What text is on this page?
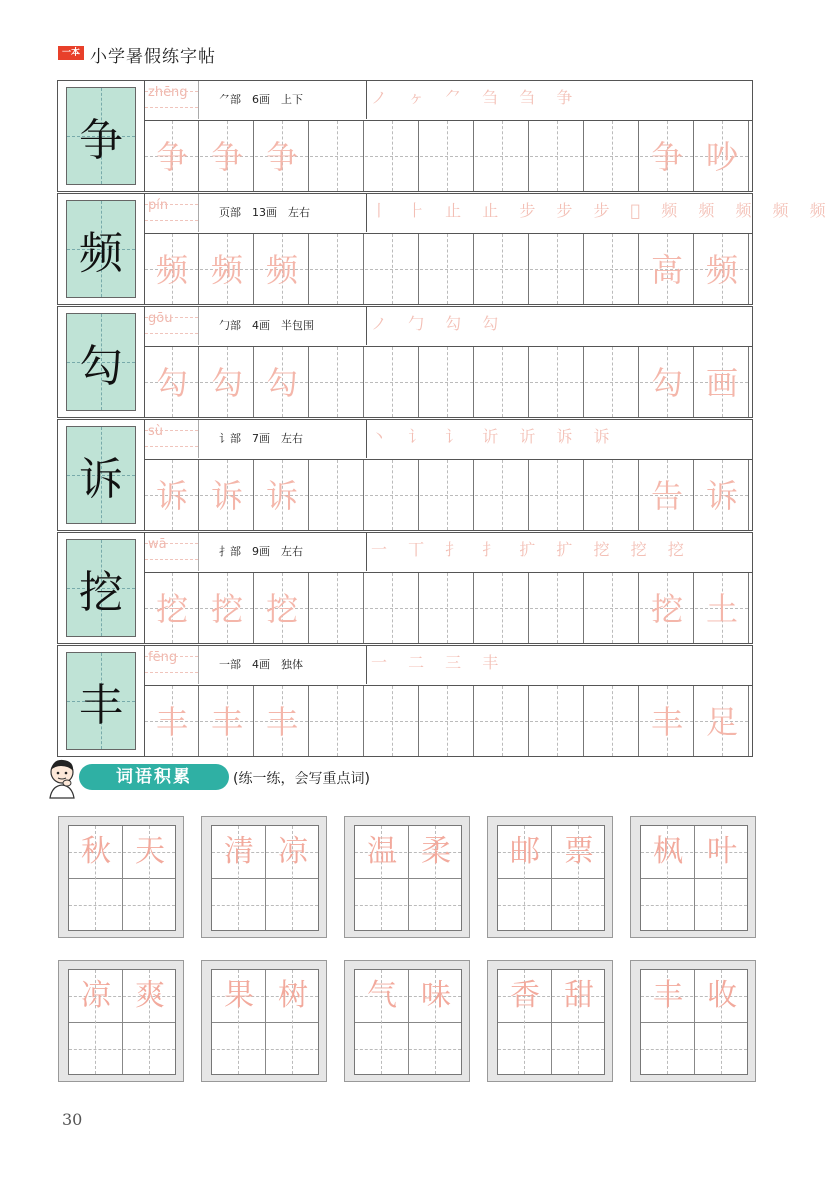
一本 小学暑假练字帖
争
zhēng	⺈部　6画　上下	ノ ヶ ⺈ 刍 刍 争
争 争 争	争 吵
频
pín	页部　13画　左右	丨 ⺊ 止 止 步 步 步 𬏄 频 频 频 频 频
频 频 频	高 频
勾
gōu	勹部　4画　半包围	ノ 勹 勾 勾
勾 勾 勾	勾 画
诉
sù	讠部　7画　左右	丶 讠 讠 䜣 䜣 诉 诉
诉 诉 诉	告 诉
挖
wā	扌部　9画　左右	一 丅 扌 扌 扩 扩 挖 挖 挖
挖 挖 挖	挖 土
丰
fēng	一部　4画　独体	一 二 三 丰
丰 丰 丰	丰 足
词语积累	(练一练，会写重点词)
秋 天	清 凉	温 柔	邮 票	枫 叶
凉 爽	果 树	气 味	香 甜	丰 收
30
